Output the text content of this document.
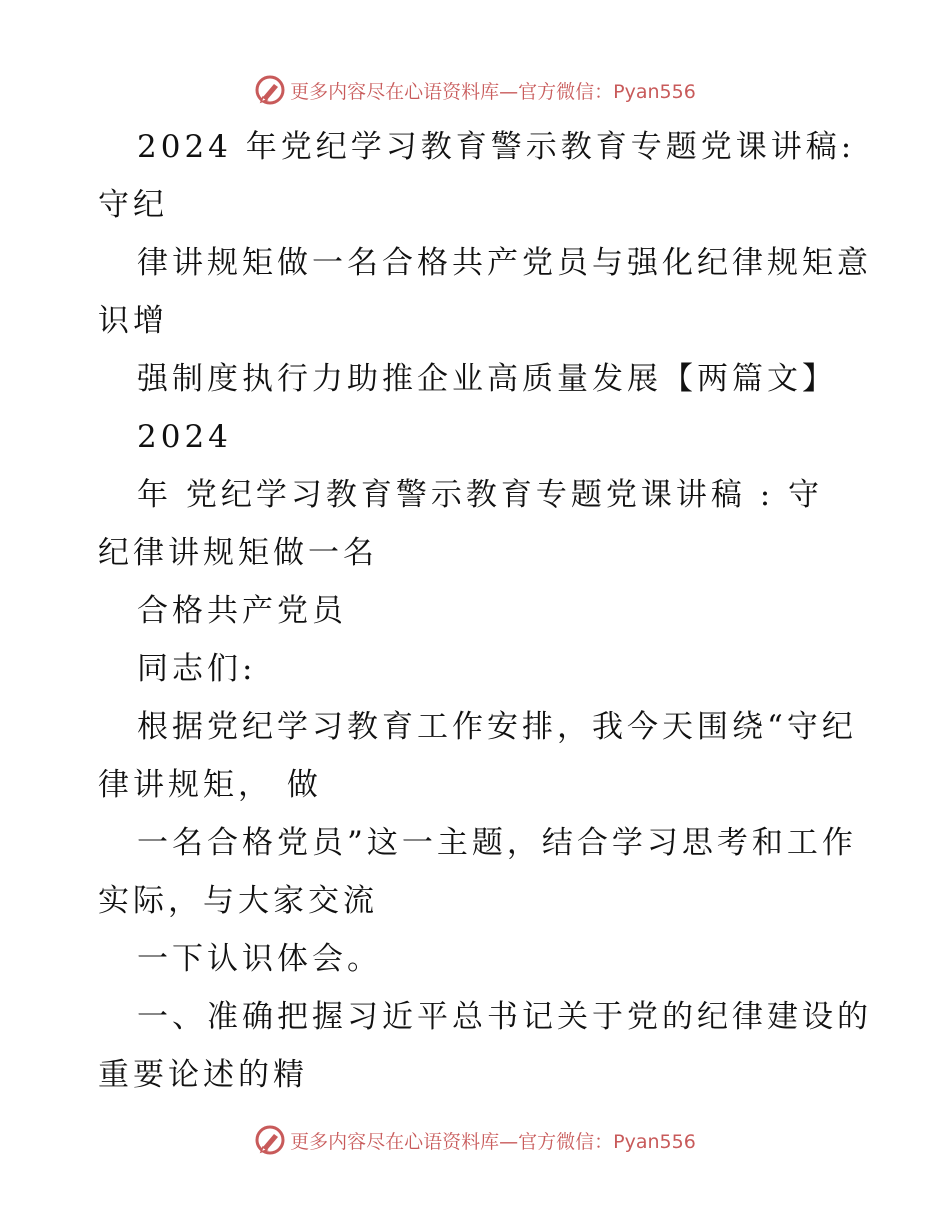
更多内容尽在心语资料库—官方微信：Pyan556
2024 年党纪学习教育警示教育专题党课讲稿:
守纪
律讲规矩做一名合格共产党员与强化纪律规矩意
识增
强制度执行力助推企业高质量发展【两篇文】
2024
年 党纪学习教育警示教育专题党课讲稿 : 守
纪律讲规矩做一名
合格共产党员
同志们:
根据党纪学习教育工作安排，我今天围绕“守纪
律讲规矩， 做
一名合格党员”这一主题，结合学习思考和工作
实际，与大家交流
一下认识体会。
一、准确把握习近平总书记关于党的纪律建设的
重要论述的精
更多内容尽在心语资料库—官方微信：Pyan556
